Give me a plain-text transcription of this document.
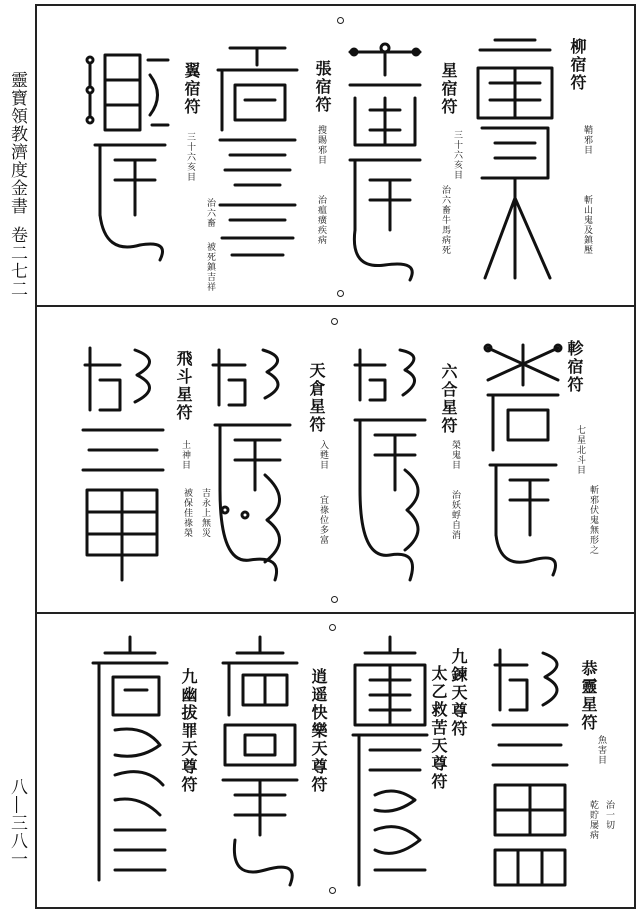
靈寶領教濟度金書
卷二七二
八―三八一
柳宿符
鞘邪目
斬山鬼及鎮壓
星宿符
三十六亥目
治六畜牛馬病死
張宿符
搜賜邪目
治瘟癀疾病
翼宿符
治六畜
三十六亥目
被死鎮吉祥
軫宿符
七星北斗目
斬邪伏鬼無形之
六合星符
榮鬼目
治妖蜉自消
天倉星符
入甦目
宜祿位多富
飛斗星符
土神目
吉永上無災
被保佳祿榮
恭靈星符
魚害目
治一切
乾貯屡病
九鍊天尊符
太乙救苦天尊符
逍遥快樂天尊符
九幽拔罪天尊符
